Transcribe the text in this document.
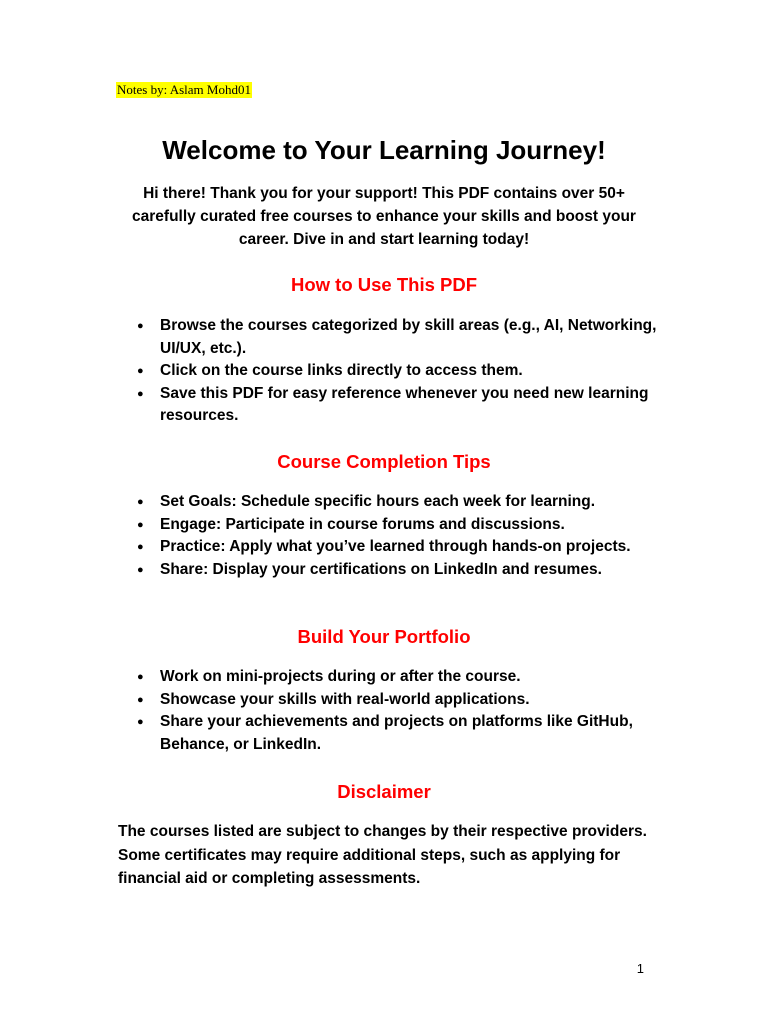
Notes by: Aslam Mohd01
Welcome to Your Learning Journey!

Hi there! Thank you for your support! This PDF contains over 50+ carefully curated free courses to enhance your skills and boost your career. Dive in and start learning today!

How to Use This PDF
● Browse the courses categorized by skill areas (e.g., AI, Networking, UI/UX, etc.).
● Click on the course links directly to access them.
● Save this PDF for easy reference whenever you need new learning resources.
Course Completion Tips
● Set Goals: Schedule specific hours each week for learning.
● Engage: Participate in course forums and discussions.
● Practice: Apply what you’ve learned through hands-on projects.
● Share: Display your certifications on LinkedIn and resumes.
Build Your Portfolio
● Work on mini-projects during or after the course.
● Showcase your skills with real-world applications.
● Share your achievements and projects on platforms like GitHub, Behance, or LinkedIn.
Disclaimer

The courses listed are subject to changes by their respective providers. Some certificates may require additional steps, such as applying for financial aid or completing assessments.

1
